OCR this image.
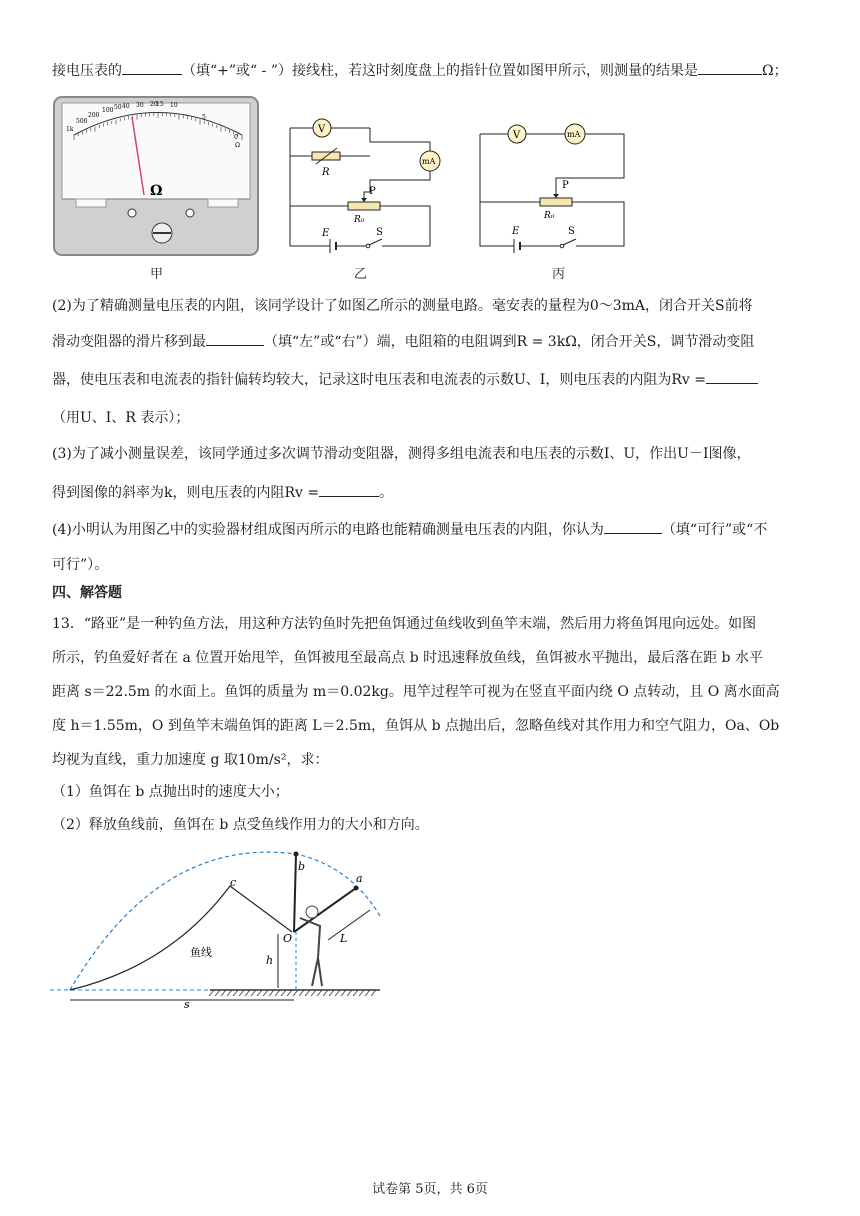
接电压表的	（填“+”或“ - ”）接线柱，若这时刻度盘上的指针位置如图甲所示，则测量的结果是	Ω；
1k
500
200
100 50 40 30 20
15 10
5
0
Ω
Ω
甲
V
R
mA
P
R₀
E	S
乙
V	mA
P
R₀
E	S
丙
(2)为了精确测量电压表的内阻，该同学设计了如图乙所示的测量电路。毫安表的量程为0～3mA，闭合开关S前将
滑动变阻器的滑片移到最	（填“左”或“右”）端，电阻箱的电阻调到R = 3kΩ，闭合开关S，调节滑动变阻
器，使电压表和电流表的指针偏转均较大，记录这时电压表和电流表的示数U、I，则电压表的内阻为Rv =
（用U、I、R 表示）；
(3)为了减小测量误差，该同学通过多次调节滑动变阻器，测得多组电流表和电压表的示数I、U，作出U－I图像，
得到图像的斜率为k，则电压表的内阻Rv =	。
(4)小明认为用图乙中的实验器材组成图丙所示的电路也能精确测量电压表的内阻，你认为	（填“可行”或“不
可行”）。
四、解答题
13．“路亚”是一种钓鱼方法，用这种方法钓鱼时先把鱼饵通过鱼线收到鱼竿末端，然后用力将鱼饵甩向远处。如图
所示，钓鱼爱好者在 a 位置开始甩竿，鱼饵被甩至最高点 b 时迅速释放鱼线，鱼饵被水平抛出，最后落在距 b 水平
距离 s＝22.5m 的水面上。鱼饵的质量为 m＝0.02kg。甩竿过程竿可视为在竖直平面内绕 O 点转动，且 O 离水面高
度 h＝1.55m，O 到鱼竿末端鱼饵的距离 L＝2.5m，鱼饵从 b 点抛出后，忽略鱼线对其作用力和空气阻力，Oa、Ob
均视为直线，重力加速度 g 取10m/s²，求：
（1）鱼饵在 b 点抛出时的速度大小；
（2）释放鱼线前，鱼饵在 b 点受鱼线作用力的大小和方向。
c
b
a
O	L
h
s
鱼线
试卷第 5页，共 6页
